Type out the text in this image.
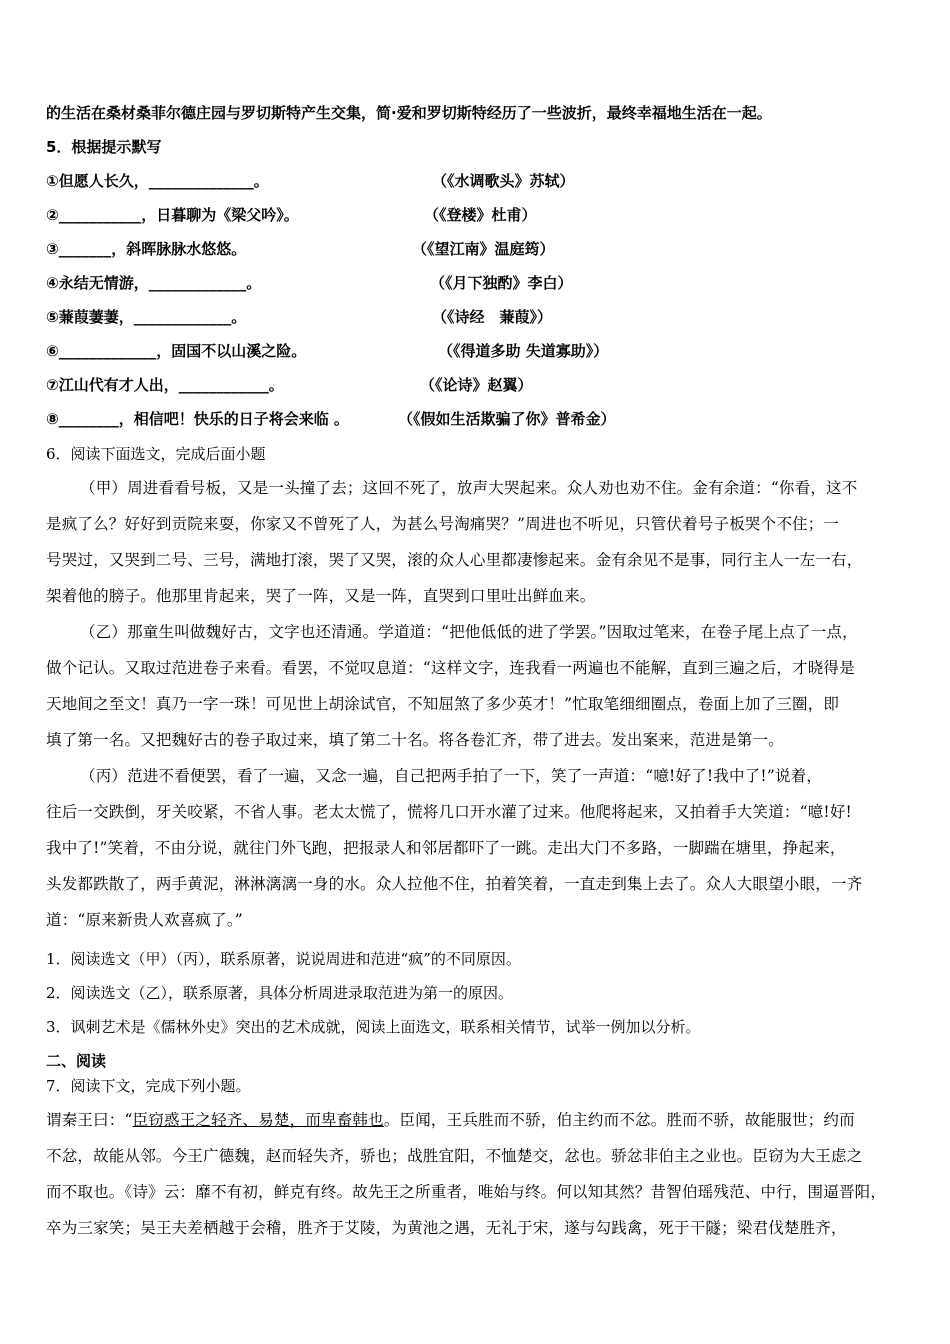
的生活在桑材桑菲尔德庄园与罗切斯特产生交集，简·爱和罗切斯特经历了一些波折，最终幸福地生活在一起。
5．根据提示默写
①但愿人长久，______________。	（《水调歌头》苏轼）
②___________，日暮聊为《梁父吟》。	（《登楼》杜甫）
③_______，斜晖脉脉水悠悠。	（《望江南》温庭筠）
④永结无情游，_____________。	（《月下独酌》李白）
⑤蒹葭萋萋，_____________。	（《诗经　蒹葭》）
⑥_____________，固国不以山溪之险。	（《得道多助 失道寡助》）
⑦江山代有才人出，____________。	（《论诗》赵翼）
⑧________，相信吧！快乐的日子将会来临 。	（《假如生活欺骗了你》普希金）
6．阅读下面选文，完成后面小题
（甲）周进看看号板，又是一头撞了去；这回不死了，放声大哭起来。众人劝也劝不住。金有余道：“你看，这不
是疯了么？好好到贡院来耍，你家又不曾死了人，为甚么号淘痛哭？”周进也不听见，只管伏着号子板哭个不住；一
号哭过，又哭到二号、三号，满地打滚，哭了又哭，滚的众人心里都凄惨起来。金有余见不是事，同行主人一左一右，
架着他的膀子。他那里肯起来，哭了一阵，又是一阵，直哭到口里吐出鲜血来。
（乙）那童生叫做魏好古，文字也还清通。学道道：“把他低低的进了学罢。”因取过笔来，在卷子尾上点了一点，
做个记认。又取过范进卷子来看。看罢，不觉叹息道：“这样文字，连我看一两遍也不能解，直到三遍之后，才晓得是
天地间之至文！真乃一字一珠！可见世上胡涂试官，不知屈煞了多少英才！”忙取笔细细圈点，卷面上加了三圈，即
填了第一名。又把魏好古的卷子取过来，填了第二十名。将各卷汇齐，带了进去。发出案来，范进是第一。
（丙）范进不看便罢，看了一遍，又念一遍，自己把两手拍了一下，笑了一声道：“噫!好了!我中了!”说着，
往后一交跌倒，牙关咬紧，不省人事。老太太慌了，慌将几口开水灌了过来。他爬将起来，又拍着手大笑道：“噫!好!
我中了!”笑着，不由分说，就往门外飞跑，把报录人和邻居都吓了一跳。走出大门不多路，一脚踹在塘里，挣起来，
头发都跌散了，两手黄泥，淋淋漓漓一身的水。众人拉他不住，拍着笑着，一直走到集上去了。众人大眼望小眼，一齐
道：“原来新贵人欢喜疯了。”
1．阅读选文（甲）（丙），联系原著，说说周进和范进“疯”的不同原因。
2．阅读选文（乙），联系原著，具体分析周进录取范进为第一的原因。
3．讽刺艺术是《儒林外史》突出的艺术成就，阅读上面选文，联系相关情节，试举一例加以分析。
二、阅读
7．阅读下文，完成下列小题。
谓秦王曰：“臣窃惑王之轻齐、易楚，而卑畜韩也。臣闻，王兵胜而不骄，伯主约而不忿。胜而不骄，故能服世；约而
不忿，故能从邻。今王广德魏，赵而轻失齐，骄也；战胜宜阳，不恤楚交，忿也。骄忿非伯主之业也。臣窃为大王虑之
而不取也。《诗》云：靡不有初，鲜克有终。故先王之所重者，唯始与终。何以知其然？昔智伯瑶残范、中行，围逼晋阳，
卒为三家笑；吴王夫差栖越于会稽，胜齐于艾陵，为黄池之遇，无礼于宋，遂与勾践禽，死于干隧；梁君伐楚胜齐，
